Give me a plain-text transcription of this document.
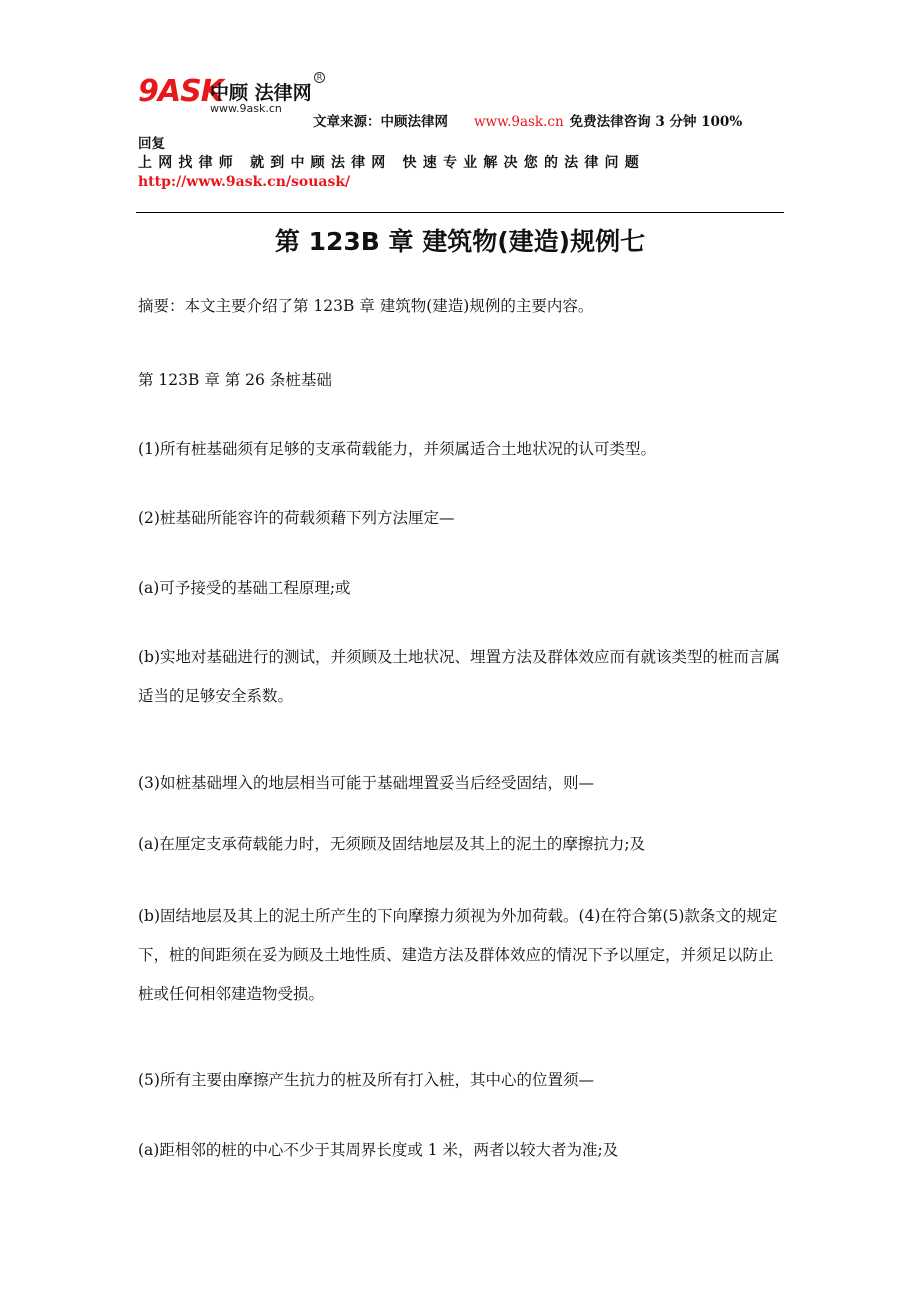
9ASK
中顾 法律网
R
www.9ask.cn
文章来源：中顾法律网 www.9ask.cn 免费法律咨询 3 分钟 100%
回复
上网找律师 就到中顾法律网 快速专业解决您的法律问题
http://www.9ask.cn/souask/
第 123B 章 建筑物(建造)规例七

摘要：本文主要介绍了第 123B 章 建筑物(建造)规例的主要内容。

第 123B 章 第 26 条桩基础

(1)所有桩基础须有足够的支承荷载能力，并须属适合土地状况的认可类型。

(2)桩基础所能容许的荷载须藉下列方法厘定—

(a)可予接受的基础工程原理;或

(b)实地对基础进行的测试，并须顾及土地状况、埋置方法及群体效应而有就该类型的桩而言属适当的足够安全系数。

(3)如桩基础埋入的地层相当可能于基础埋置妥当后经受固结，则—

(a)在厘定支承荷载能力时，无须顾及固结地层及其上的泥土的摩擦抗力;及

(b)固结地层及其上的泥土所产生的下向摩擦力须视为外加荷载。(4)在符合第(5)款条文的规定下，桩的间距须在妥为顾及土地性质、建造方法及群体效应的情况下予以厘定，并须足以防止桩或任何相邻建造物受损。

(5)所有主要由摩擦产生抗力的桩及所有打入桩，其中心的位置须—

(a)距相邻的桩的中心不少于其周界长度或 1 米，两者以较大者为准;及
